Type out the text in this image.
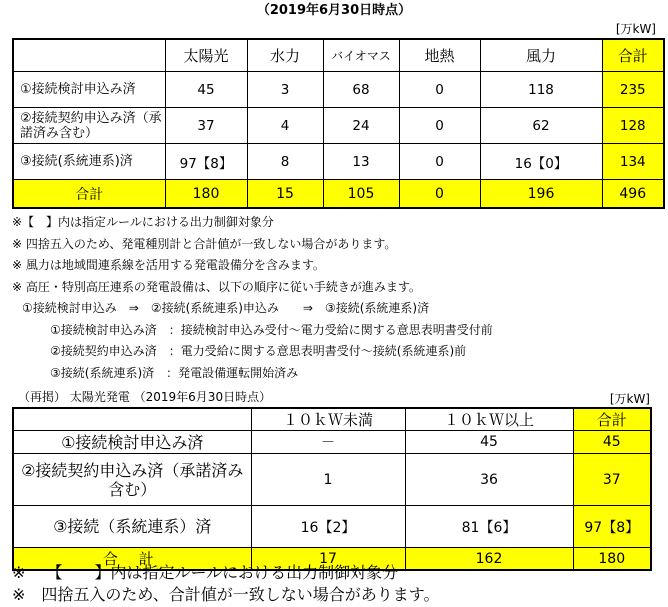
（2019年6月30日時点）
[万kW]
	太陽光	水力	バイオマス	地熱	風力	合計
①接続検討申込み済	45	3	68	0	118	235
②接続契約申込み済（承諾済み含む）	37	4	24	0	62	128
③接続(系統連系)済	97【8】	8	13	0	16【0】	134
合計	180	15	105	0	196	496
※【　】内は指定ルールにおける出力制御対象分
※ 四捨五入のため、発電種別計と合計値が一致しない場合があります。
※ 風力は地域間連系線を活用する発電設備分を含みます。
※ 高圧・特別高圧連系の発電設備は、以下の順序に従い手続きが進みます。
①接続検討申込み　⇒　②接続(系統連系)申込み　　⇒　③接続(系統連系)済
①接続検討申込み済　：接続検討申込み受付～電力受給に関する意思表明書受付前
②接続契約申込み済　：電力受給に関する意思表明書受付～接続(系統連系)前
③接続(系統連系)済　：発電設備運転開始済み
（再掲） 太陽光発電 （2019年6月30日時点）	[万kW]
	１０ｋＷ未満	１０ｋＷ以上	合計
①接続検討申込み済	－	45	45
②接続契約申込み済（承諾済み含む）	1	36	37
③接続（系統連系）済	16【2】	81【6】	97【8】
合 計	17	162	180
※　 【　　】内は指定ルールにおける出力制御対象分
※　四捨五入のため、合計値が一致しない場合があります。
